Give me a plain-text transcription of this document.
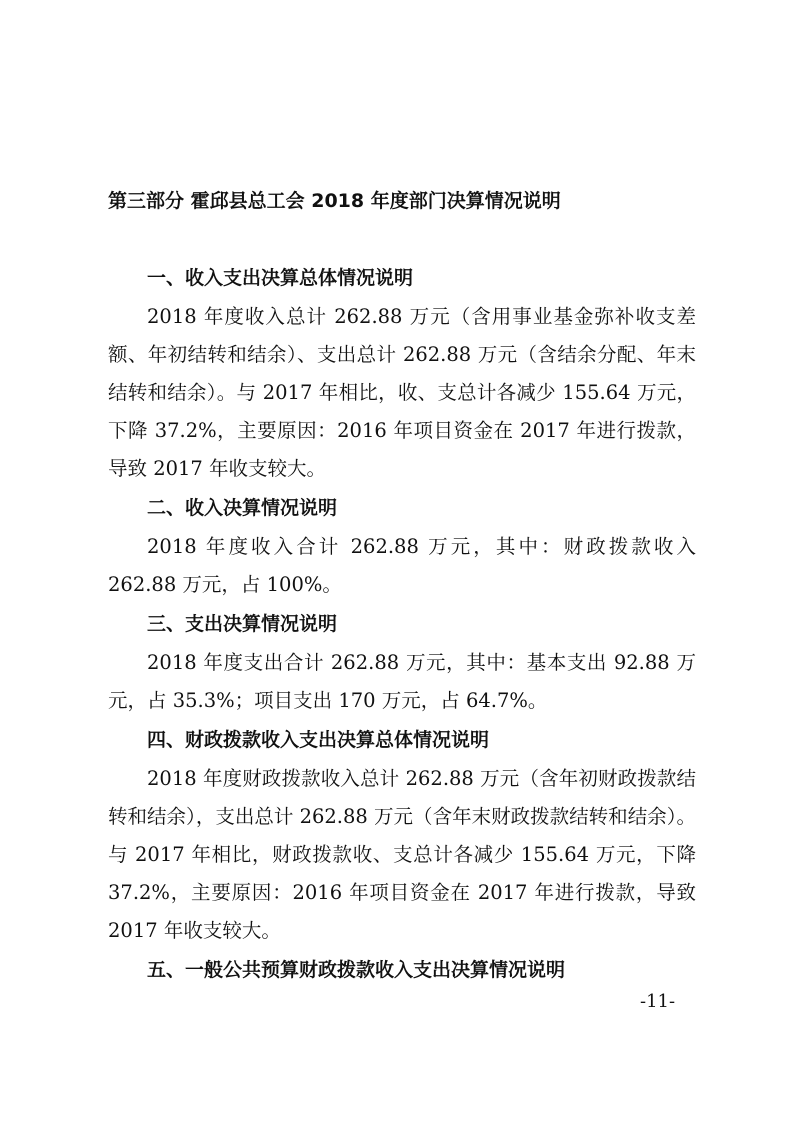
第三部分 霍邱县总工会 2018 年度部门决算情况说明
一、收入支出决算总体情况说明
2018 年度收入总计 262.88 万元（含用事业基金弥补收支差额、年初结转和结余）、支出总计 262.88 万元（含结余分配、年末结转和结余）。与 2017 年相比，收、支总计各减少 155.64 万元，下降 37.2%，主要原因：2016 年项目资金在 2017 年进行拨款，导致 2017 年收支较大。
二、收入决算情况说明
2018 年度收入合计 262.88 万元，其中：财政拨款收入 262.88 万元，占 100%。
三、支出决算情况说明
2018 年度支出合计 262.88 万元，其中：基本支出 92.88 万元，占 35.3%；项目支出 170 万元，占 64.7%。
四、财政拨款收入支出决算总体情况说明
2018 年度财政拨款收入总计 262.88 万元（含年初财政拨款结转和结余），支出总计 262.88 万元（含年末财政拨款结转和结余）。与 2017 年相比，财政拨款收、支总计各减少 155.64 万元，下降 37.2%，主要原因：2016 年项目资金在 2017 年进行拨款，导致 2017 年收支较大。
五、一般公共预算财政拨款收入支出决算情况说明
-11-
